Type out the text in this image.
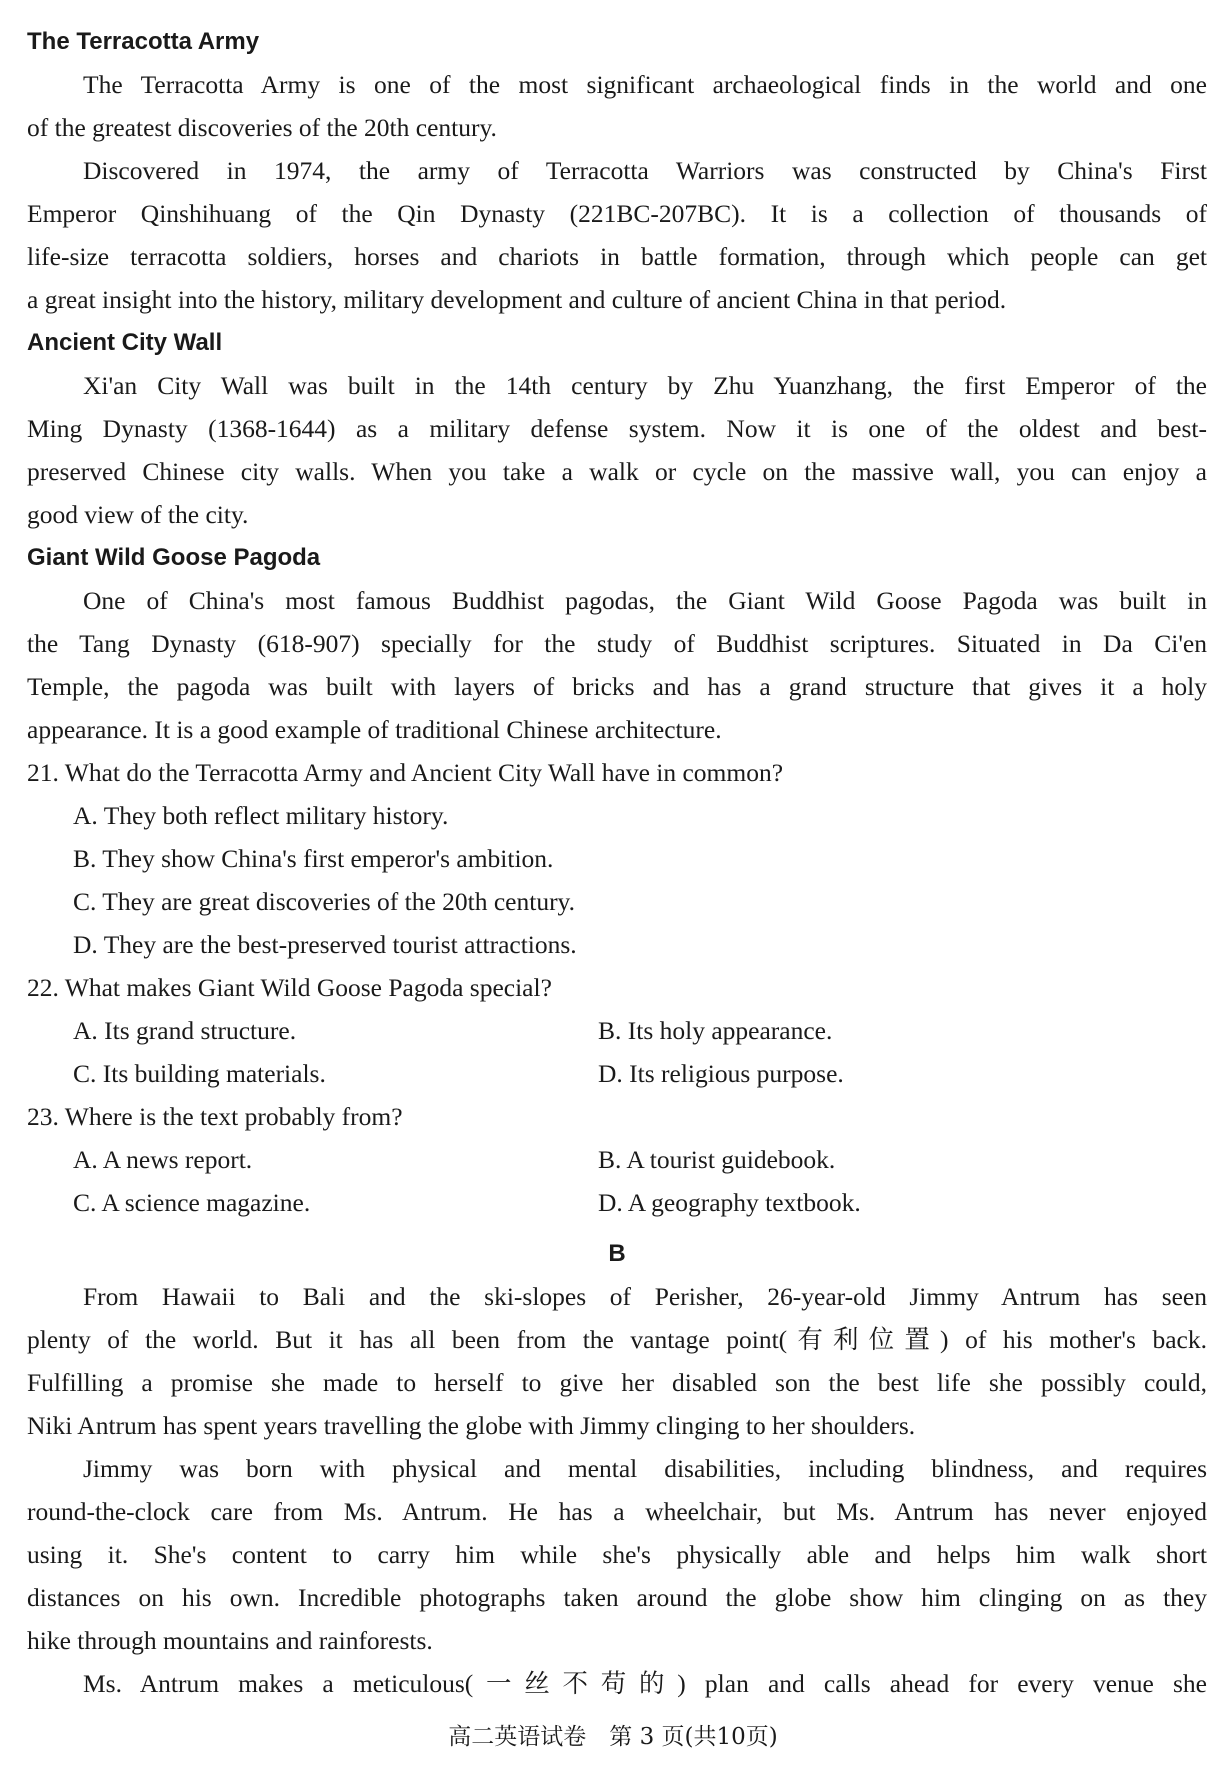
The Terracotta Army
The Terracotta Army is one of the most significant archaeological finds in the world and one
of the greatest discoveries of the 20th century.
Discovered in 1974, the army of Terracotta Warriors was constructed by China's First
Emperor Qinshihuang of the Qin Dynasty (221BC-207BC). It is a collection of thousands of
life-size terracotta soldiers, horses and chariots in battle formation, through which people can get
a great insight into the history, military development and culture of ancient China in that period.
Ancient City Wall
Xi'an City Wall was built in the 14th century by Zhu Yuanzhang, the first Emperor of the
Ming Dynasty (1368-1644) as a military defense system. Now it is one of the oldest and best-
preserved Chinese city walls. When you take a walk or cycle on the massive wall, you can enjoy a
good view of the city.
Giant Wild Goose Pagoda
One of China's most famous Buddhist pagodas, the Giant Wild Goose Pagoda was built in
the Tang Dynasty (618-907) specially for the study of Buddhist scriptures. Situated in Da Ci'en
Temple, the pagoda was built with layers of bricks and has a grand structure that gives it a holy
appearance. It is a good example of traditional Chinese architecture.
21. What do the Terracotta Army and Ancient City Wall have in common?
A. They both reflect military history.
B. They show China's first emperor's ambition.
C. They are great discoveries of the 20th century.
D. They are the best-preserved tourist attractions.
22. What makes Giant Wild Goose Pagoda special?
A. Its grand structure.	B. Its holy appearance.
C. Its building materials.	D. Its religious purpose.
23. Where is the text probably from?
A. A news report.	B. A tourist guidebook.
C. A science magazine.	D. A geography textbook.
B
From Hawaii to Bali and the ski-slopes of Perisher, 26-year-old Jimmy Antrum has seen
plenty of the world. But it has all been from the vantage point(有利位置) of his mother's back.
Fulfilling a promise she made to herself to give her disabled son the best life she possibly could,
Niki Antrum has spent years travelling the globe with Jimmy clinging to her shoulders.
Jimmy was born with physical and mental disabilities, including blindness, and requires
round-the-clock care from Ms. Antrum. He has a wheelchair, but Ms. Antrum has never enjoyed
using it. She's content to carry him while she's physically able and helps him walk short
distances on his own. Incredible photographs taken around the globe show him clinging on as they
hike through mountains and rainforests.
Ms. Antrum makes a meticulous(一丝不苟的) plan and calls ahead for every venue she
高二英语试卷　第 3 页(共10页)
